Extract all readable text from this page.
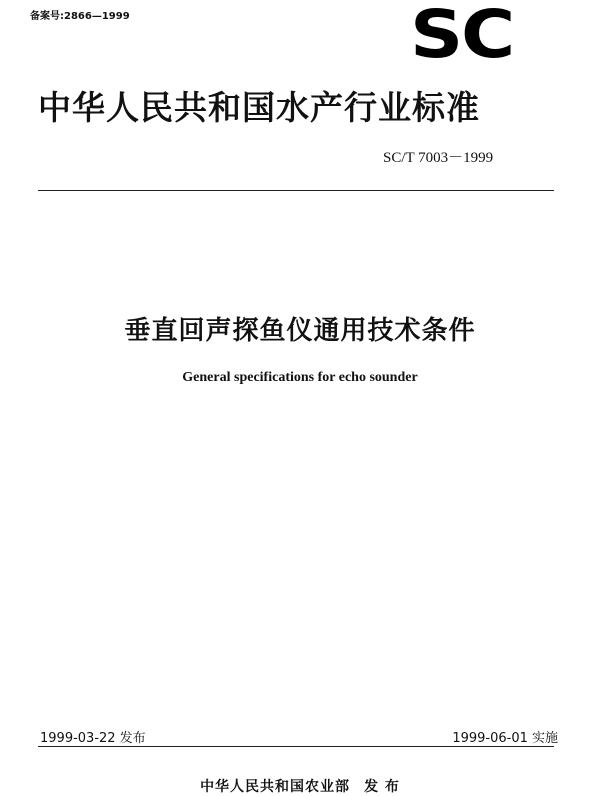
备案号:2866—1999	SC
中华人民共和国水产行业标准
SC/T 7003－1999
垂直回声探鱼仪通用技术条件
General specifications for echo sounder
1999-03-22 发布	1999-06-01 实施
中华人民共和国农业部 发 布
